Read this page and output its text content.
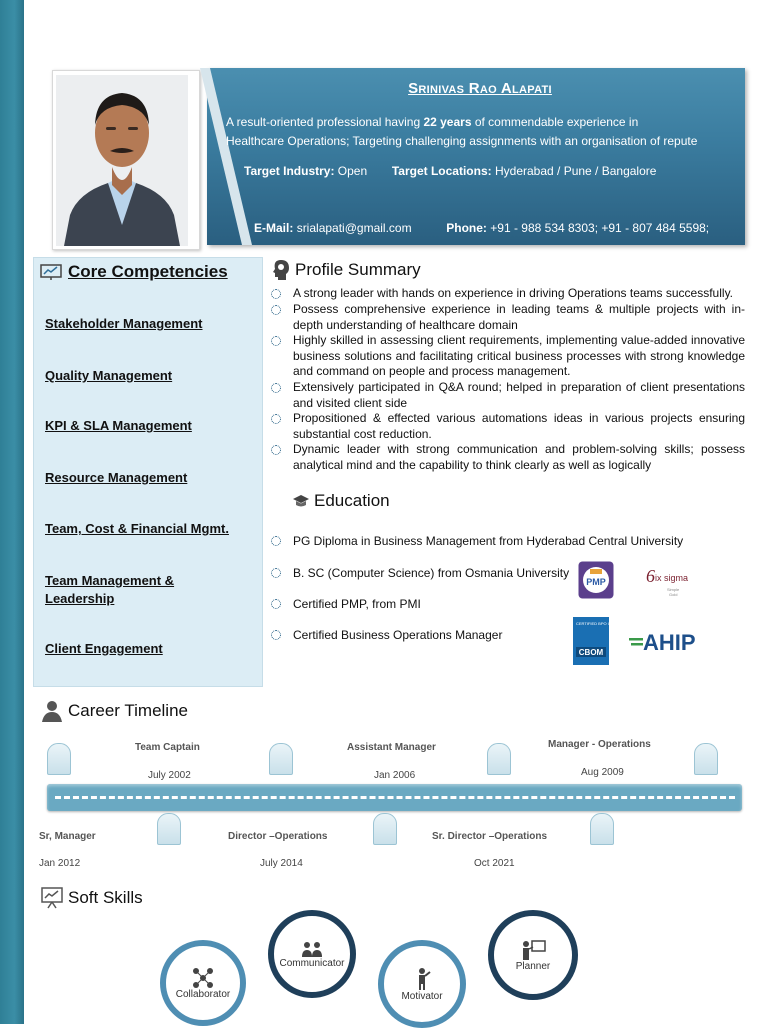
Srinivas Rao Alapati
A result-oriented professional having 22 years of commendable experience in
Healthcare Operations; Targeting challenging assignments with an organisation of repute
Target Industry: Open Target Locations: Hyderabad / Pune / Bangalore
E-Mail: srialapati@gmail.com	Phone: +91 - 988 534 8303; +91 - 807 484 5598;
Core Competencies
Stakeholder Management
Quality Management
KPI & SLA Management
Resource Management
Team, Cost & Financial Mgmt.
Team Management &
Leadership
Client Engagement
Profile Summary
A strong leader with hands on experience in driving Operations teams successfully.
Possess comprehensive experience in leading teams & multiple projects with in-depth understanding of healthcare domain
Highly skilled in assessing client requirements, implementing value-added innovative business solutions and facilitating critical business processes with strong knowledge and command on people and process management.
Extensively participated in Q&A round; helped in preparation of client presentations and visited client side
Propositioned & effected various automations ideas in various projects ensuring substantial cost reduction.
Dynamic leader with strong communication and problem-solving skills; possess analytical mind and the capability to think clearly as well as logically
Education
PG Diploma in Business Management from Hyderabad Central University
B. SC (Computer Science) from Osmania University
Certified PMP, from PMI
Certified Business Operations Manager
PMP 6 ix sigma
Simple
Gold
CERTIFIED BPO OPERATIONS MANAGER
CBOM AHIP
Career Timeline
Team Captain
July 2002
Assistant Manager
Jan 2006
Manager - Operations
Aug 2009
Sr, Manager
Jan 2012
Director –Operations
July 2014
Sr. Director –Operations
Oct 2021
Soft Skills
Collaborator
Communicator
Motivator
Planner
